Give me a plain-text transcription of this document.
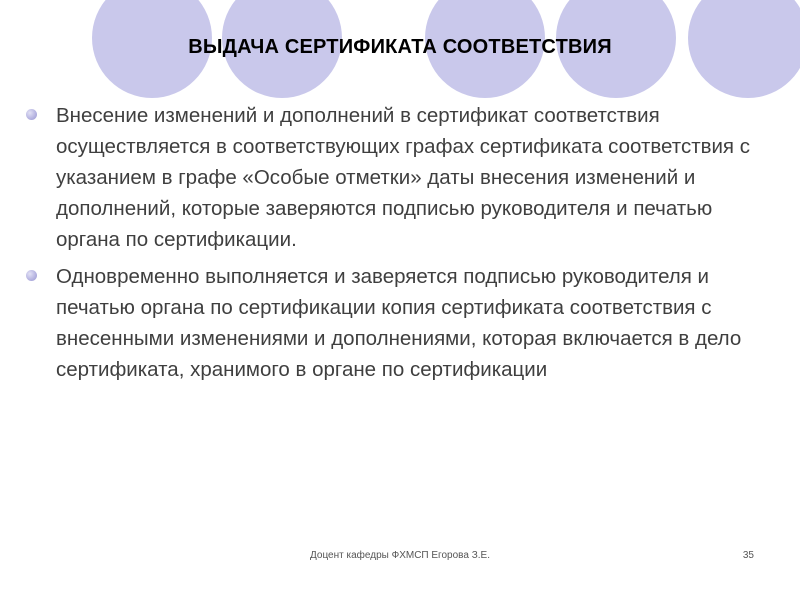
ВЫДАЧА СЕРТИФИКАТА СООТВЕТСТВИЯ
Внесение изменений и дополнений в сертификат соответствия осуществляется в соответствующих графах сертификата соответствия с указанием в графе «Особые отметки» даты внесения изменений и дополнений, которые заверяются подписью руководителя и печатью органа по сертификации.
Одновременно выполняется и заверяется подписью руководителя и печатью органа по сертификации копия сертификата соответствия с внесенными изменениями и дополнениями, которая включается в дело сертификата, хранимого в органе по сертификации
Доцент кафедры ФХМСП Егорова З.Е.	35
